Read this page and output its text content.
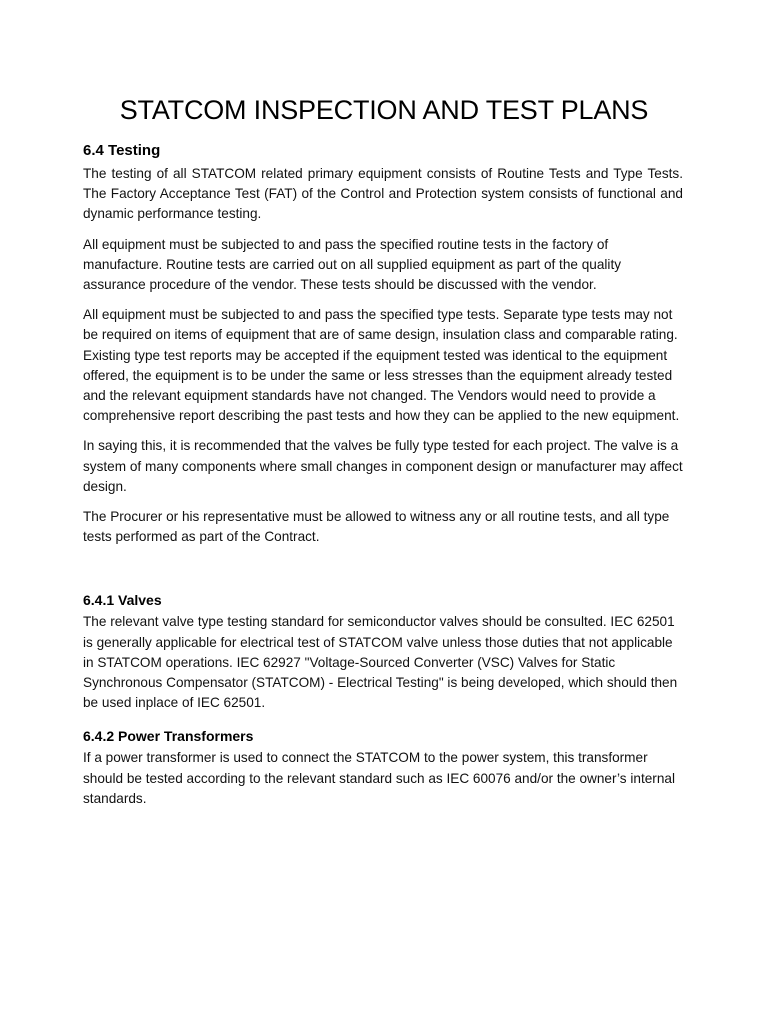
STATCOM INSPECTION AND TEST PLANS
6.4 Testing

The testing of all STATCOM related primary equipment consists of Routine Tests and Type Tests. The Factory Acceptance Test (FAT) of the Control and Protection system consists of functional and dynamic performance testing.

All equipment must be subjected to and pass the specified routine tests in the factory of manufacture. Routine tests are carried out on all supplied equipment as part of the quality assurance procedure of the vendor. These tests should be discussed with the vendor.

All equipment must be subjected to and pass the specified type tests. Separate type tests may not be required on items of equipment that are of same design, insulation class and comparable rating. Existing type test reports may be accepted if the equipment tested was identical to the equipment offered, the equipment is to be under the same or less stresses than the equipment already tested and the relevant equipment standards have not changed. The Vendors would need to provide a comprehensive report describing the past tests and how they can be applied to the new equipment.

In saying this, it is recommended that the valves be fully type tested for each project. The valve is a system of many components where small changes in component design or manufacturer may affect design.

The Procurer or his representative must be allowed to witness any or all routine tests, and all type tests performed as part of the Contract.

6.4.1 Valves

The relevant valve type testing standard for semiconductor valves should be consulted. IEC 62501 is generally applicable for electrical test of STATCOM valve unless those duties that not applicable in STATCOM operations. IEC 62927 "Voltage-Sourced Converter (VSC) Valves for Static Synchronous Compensator (STATCOM) - Electrical Testing" is being developed, which should then be used inplace of IEC 62501.

6.4.2 Power Transformers

If a power transformer is used to connect the STATCOM to the power system, this transformer should be tested according to the relevant standard such as IEC 60076 and/or the owner’s internal standards.
